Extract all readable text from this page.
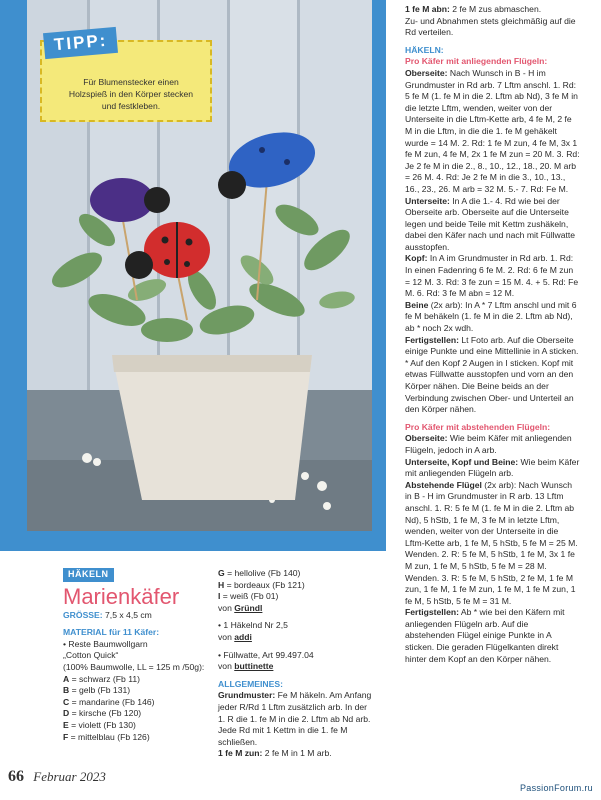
TIPP:
Für Blumenstecker einen
Holzspieß in den Körper stecken
und festkleben.
HÄKELN
Marienkäfer

GRÖSSE: 7,5 x 4,5 cm

MATERIAL für 11 Käfer:

• Reste Baumwollgarn

„Cotton Quick“

(100% Baumwolle, LL = 125 m /50g):

A = schwarz (Fb 11)

B = gelb (Fb 131)

C = mandarine (Fb 146)

D = kirsche (Fb 120)

E = violett (Fb 130)

F = mittelblau (Fb 126)

G = hellolive (Fb 140)

H = bordeaux (Fb 121)

I = weiß (Fb 01)

von Gründl

• 1 Häkelnd Nr 2,5

von addi

• Füllwatte, Art 99.497.04

von buttinette

ALLGEMEINES:

Grundmuster: Fe M häkeln. Am Anfang jeder R/Rd 1 Lftm zusätzlich arb. In der 1. R die 1. fe M in die 2. Lftm ab Nd arb. Jede Rd mit 1 Kettm in die 1. fe M schließen.

1 fe M zun: 2 fe M in 1 M arb.

1 fe M abn: 2 fe M zus abmaschen.

Zu- und Abnahmen stets gleichmäßig auf die Rd verteilen.

HÄKELN:

Pro Käfer mit anliegenden Flügeln:

Oberseite: Nach Wunsch in B - H im Grundmuster in Rd arb. 7 Lftm anschl. 1. Rd: 5 fe M (1. fe M in die 2. Lftm ab Nd), 3 fe M in die letzte Lftm, wenden, weiter von der Unterseite in die Lftm-Kette arb, 4 fe M, 2 fe M in die Lftm, in die die 1. fe M gehäkelt wurde = 14 M. 2. Rd: 1 fe M zun, 4 fe M, 3x 1 fe M zun, 4 fe M, 2x 1 fe M zun = 20 M. 3. Rd: Je 2 fe M in die 2., 8., 10., 12., 18., 20. M arb = 26 M. 4. Rd: Je 2 fe M in die 3., 10., 13., 16., 23., 26. M arb = 32 M. 5.- 7. Rd: Fe M.

Unterseite: In A die 1.- 4. Rd wie bei der Oberseite arb. Oberseite auf die Unterseite legen und beide Teile mit Kettm zushäkeln, dabei den Käfer nach und nach mit Füllwatte ausstopfen.

Kopf: In A im Grundmuster in Rd arb. 1. Rd: In einen Fadenring 6 fe M. 2. Rd: 6 fe M zun = 12 M. 3. Rd: 3 fe zun = 15 M. 4. + 5. Rd: Fe M. 6. Rd: 3 fe M abn = 12 M.

Beine (2x arb): In A * 7 Lftm anschl und mit 6 fe M behäkeln (1. fe M in die 2. Lftm ab Nd), ab * noch 2x wdh.

Fertigstellen: Lt Foto arb. Auf die Oberseite einige Punkte und eine Mittellinie in A sticken. * Auf den Kopf 2 Augen in I sticken. Kopf mit etwas Füllwatte ausstopfen und vorn an den Körper nähen. Die Beine beids an der Verbindung zwischen Ober- und Unterteil an den Körper nähen.

Pro Käfer mit abstehenden Flügeln:

Oberseite: Wie beim Käfer mit anliegenden Flügeln, jedoch in A arb.

Unterseite, Kopf und Beine: Wie beim Käfer mit anliegenden Flügeln arb.

Abstehende Flügel (2x arb): Nach Wunsch in B - H im Grundmuster in R arb. 13 Lftm anschl. 1. R: 5 fe M (1. fe M in die 2. Lftm ab Nd), 5 hStb, 1 fe M, 3 fe M in letzte Lftm, wenden, weiter von der Unterseite in die Lftm-Kette arb, 1 fe M, 5 hStb, 5 fe M = 25 M. Wenden. 2. R: 5 fe M, 5 hStb, 1 fe M, 3x 1 fe M zun, 1 fe M, 5 hStb, 5 fe M = 28 M. Wenden. 3. R: 5 fe M, 5 hStb, 2 fe M, 1 fe M zun, 1 fe M, 1 fe M zun, 1 fe M, 1 fe M zun, 1 fe M, 5 hStb, 5 fe M = 31 M.

Fertigstellen: Ab * wie bei den Käfern mit anliegenden Flügeln arb. Auf die abstehenden Flügel einige Punkte in A sticken. Die geraden Flügelkanten direkt hinter dem Kopf an den Körper nähen.

66 Februar 2023
PassionForum.ru
